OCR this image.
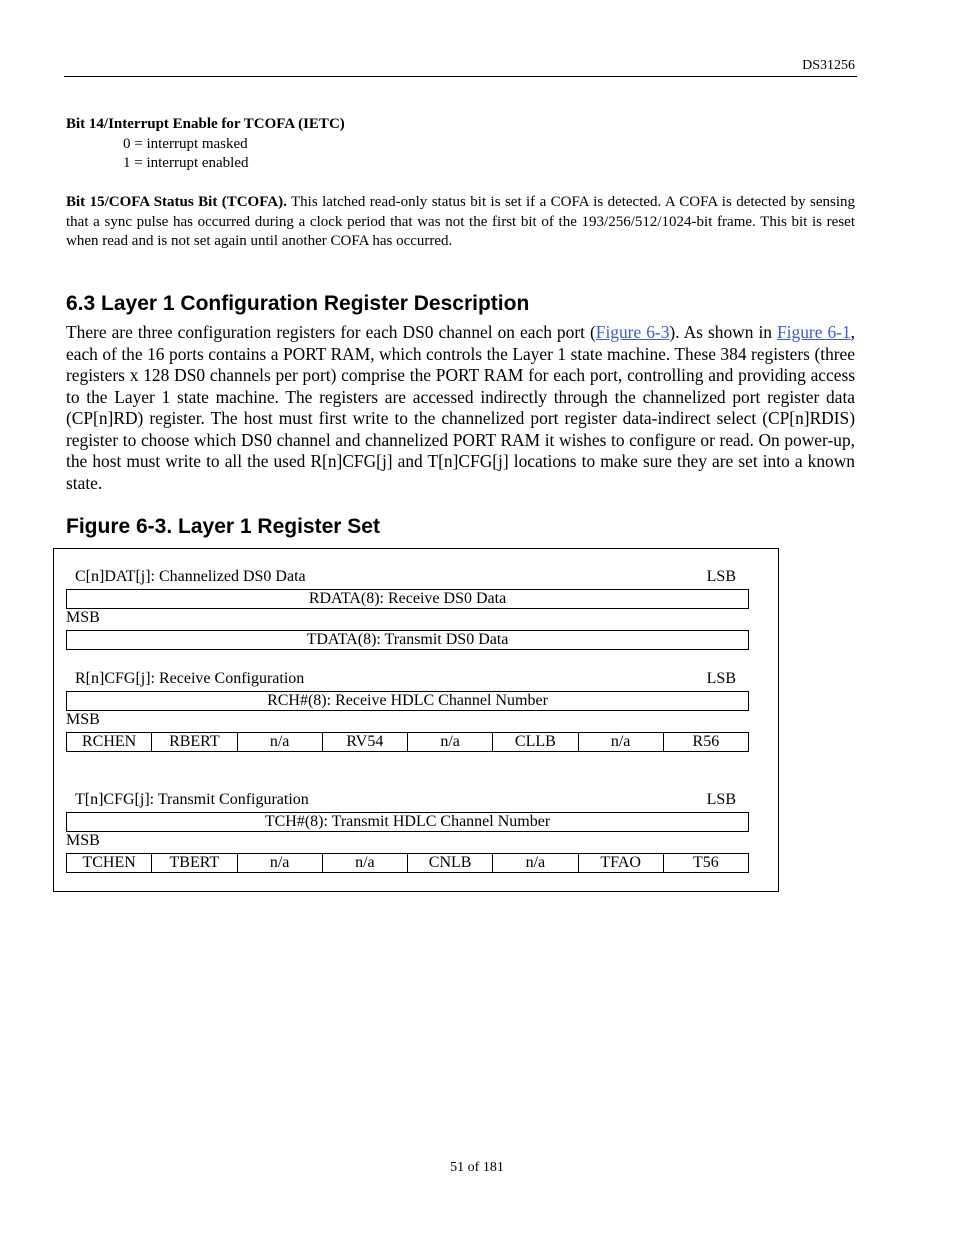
DS31256
Bit 14/Interrupt Enable for TCOFA (IETC)
0 = interrupt masked
1 = interrupt enabled
Bit 15/COFA Status Bit (TCOFA). This latched read-only status bit is set if a COFA is detected. A COFA is detected by sensing that a sync pulse has occurred during a clock period that was not the first bit of the 193/256/512/1024-bit frame. This bit is reset when read and is not set again until another COFA has occurred.
6.3 Layer 1 Configuration Register Description
There are three configuration registers for each DS0 channel on each port (Figure 6-3). As shown in Figure 6-1, each of the 16 ports contains a PORT RAM, which controls the Layer 1 state machine. These 384 registers (three registers x 128 DS0 channels per port) comprise the PORT RAM for each port, controlling and providing access to the Layer 1 state machine. The registers are accessed indirectly through the channelized port register data (CP[n]RD) register. The host must first write to the channelized port register data-indirect select (CP[n]RDIS) register to choose which DS0 channel and channelized PORT RAM it wishes to configure or read. On power-up, the host must write to all the used R[n]CFG[j] and T[n]CFG[j] locations to make sure they are set into a known state.
Figure 6-3. Layer 1 Register Set
C[n]DAT[j]: Channelized DS0 Data	LSB
RDATA(8): Receive DS0 Data
MSB
TDATA(8): Transmit DS0 Data
R[n]CFG[j]: Receive Configuration	LSB
RCH#(8): Receive HDLC Channel Number
MSB
RCHEN	RBERT	n/a	RV54	n/a	CLLB	n/a	R56
T[n]CFG[j]: Transmit Configuration	LSB
TCH#(8): Transmit HDLC Channel Number
MSB
TCHEN	TBERT	n/a	n/a	CNLB	n/a	TFAO	T56
51 of 181
